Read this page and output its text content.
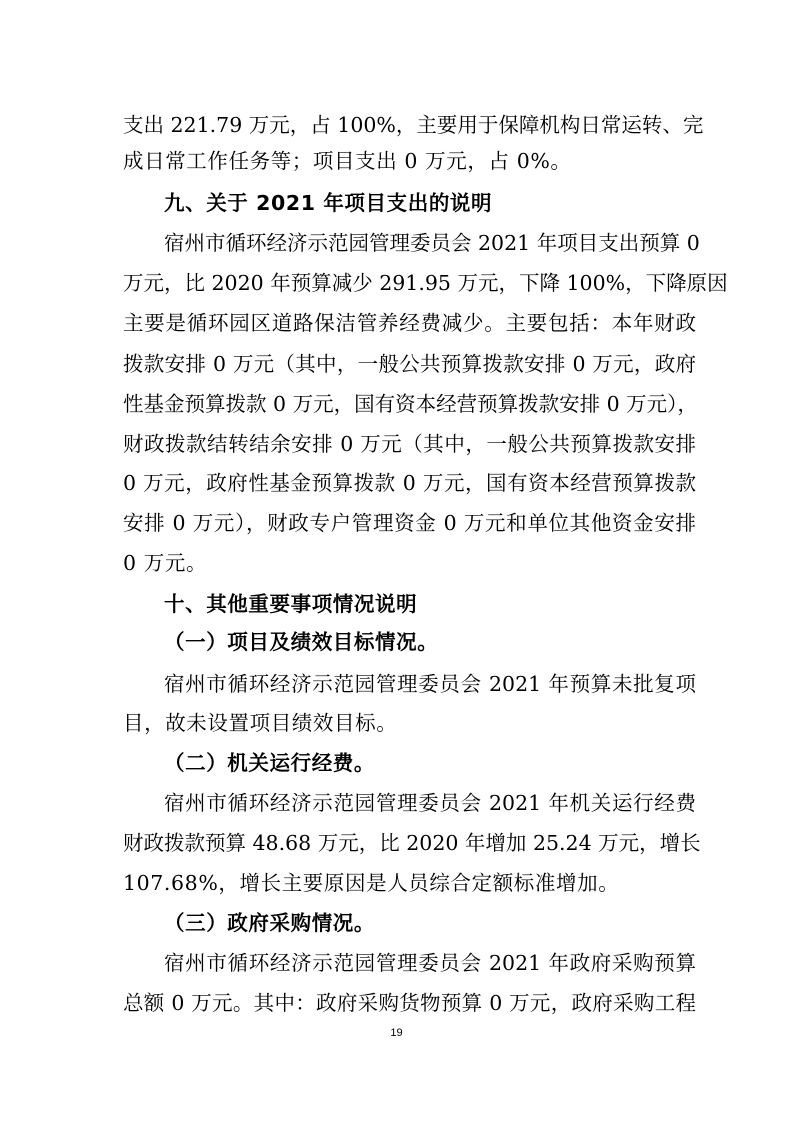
支出 221.79 万元，占 100%，主要用于保障机构日常运转、完
成日常工作任务等；项目支出 0 万元，占 0%。
九、关于 2021 年项目支出的说明
宿州市循环经济示范园管理委员会 2021 年项目支出预算 0
万元，比 2020 年预算减少 291.95 万元，下降 100%，下降原因
主要是循环园区道路保洁管养经费减少。主要包括：本年财政
拨款安排 0 万元（其中，一般公共预算拨款安排 0 万元，政府
性基金预算拨款 0 万元，国有资本经营预算拨款安排 0 万元），
财政拨款结转结余安排 0 万元（其中，一般公共预算拨款安排
0 万元，政府性基金预算拨款 0 万元，国有资本经营预算拨款
安排 0 万元），财政专户管理资金 0 万元和单位其他资金安排
0 万元。
十、其他重要事项情况说明
（一）项目及绩效目标情况。
宿州市循环经济示范园管理委员会 2021 年预算未批复项
目，故未设置项目绩效目标。
（二）机关运行经费。
宿州市循环经济示范园管理委员会 2021 年机关运行经费
财政拨款预算 48.68 万元，比 2020 年增加 25.24 万元，增长
107.68%，增长主要原因是人员综合定额标准增加。
（三）政府采购情况。
宿州市循环经济示范园管理委员会 2021 年政府采购预算
总额 0 万元。其中：政府采购货物预算 0 万元，政府采购工程
19
